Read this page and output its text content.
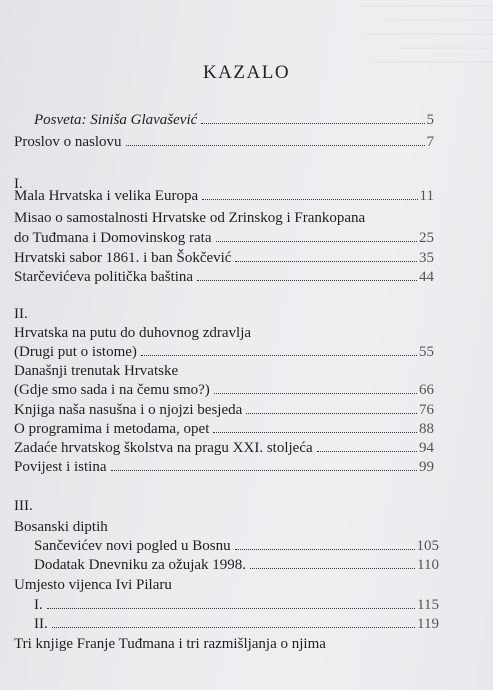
┈┈┈┈┈┈┈┈┈┈┈┈┈┈┈┈┈┈┈┈
┈┈┈┈┈┈┈┈┈┈┈┈┈┈┈┈
┈┈┈┈┈┈┈┈┈┈┈┈┈┈┈┈┈┈┈
┈┈┈┈┈┈┈┈┈┈┈┈┈┈
┈┈┈┈┈┈┈┈┈┈┈┈┈┈┈┈┈┈
KAZALO
Posveta: Siniša Glavašević	5
Proslov o naslovu	7
I.
Mala Hrvatska i velika Europa	11
Misao o samostalnosti Hrvatske od Zrinskog i Frankopana
do Tuđmana i Domovinskog rata	25
Hrvatski sabor 1861. i ban Šokčević	35
Starčevićeva politička baština	44
II.
Hrvatska na putu do duhovnog zdravlja
(Drugi put o istome)	55
Današnji trenutak Hrvatske
(Gdje smo sada i na čemu smo?)	66
Knjiga naša nasušna i o njojzi besjeda	76
O programima i metodama, opet	88
Zadaće hrvatskog školstva na pragu XXI. stoljeća	94
Povijest i istina	99
III.
Bosanski diptih
Sančevićev novi pogled u Bosnu	105
Dodatak Dnevniku za ožujak 1998.	110
Umjesto vijenca Ivi Pilaru
I.	115
II.	119
Tri knjige Franje Tuđmana i tri razmišljanja o njima
